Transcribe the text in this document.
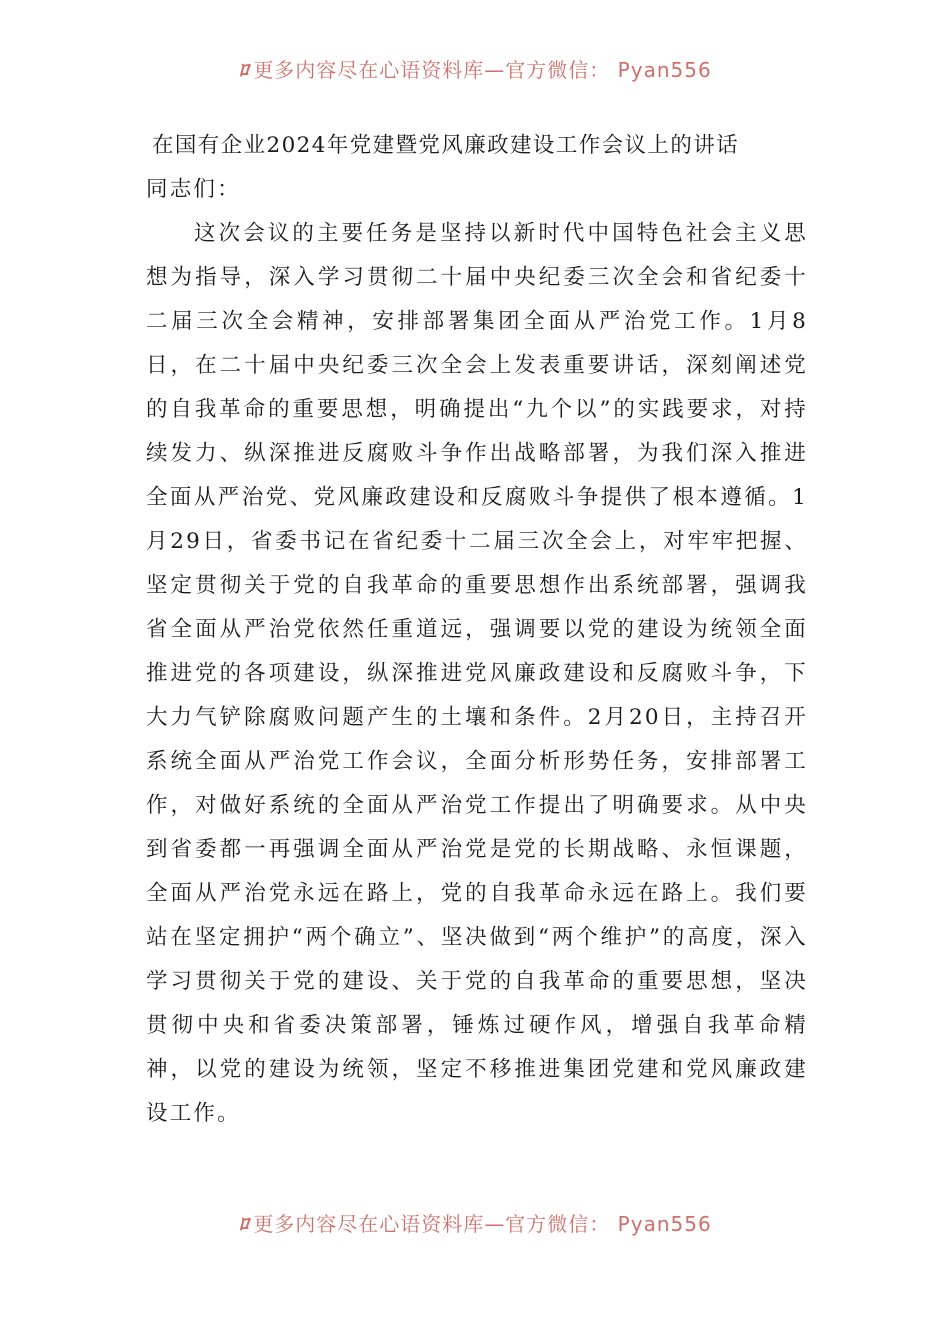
ﾛ 更多内容尽在心语资料库—官方微信： Pyan556
在国有企业2024年党建暨党风廉政建设工作会议上的讲话
同志们：

这次会议的主要任务是坚持以新时代中国特色社会主义思想为指导，深入学习贯彻二十届中央纪委三次全会和省纪委十二届三次全会精神，安排部署集团全面从严治党工作。1月8日，在二十届中央纪委三次全会上发表重要讲话，深刻阐述党的自我革命的重要思想，明确提出“九个以”的实践要求，对持续发力、纵深推进反腐败斗争作出战略部署，为我们深入推进全面从严治党、党风廉政建设和反腐败斗争提供了根本遵循。1月29日，省委书记在省纪委十二届三次全会上，对牢牢把握、坚定贯彻关于党的自我革命的重要思想作出系统部署，强调我省全面从严治党依然任重道远，强调要以党的建设为统领全面推进党的各项建设，纵深推进党风廉政建设和反腐败斗争，下大力气铲除腐败问题产生的土壤和条件。2月20日，主持召开系统全面从严治党工作会议，全面分析形势任务，安排部署工作，对做好系统的全面从严治党工作提出了明确要求。从中央到省委都一再强调全面从严治党是党的长期战略、永恒课题，全面从严治党永远在路上，党的自我革命永远在路上。我们要站在坚定拥护“两个确立”、坚决做到“两个维护”的高度，深入学习贯彻关于党的建设、关于党的自我革命的重要思想，坚决贯彻中央和省委决策部署，锤炼过硬作风，增强自我革命精神，以党的建设为统领，坚定不移推进集团党建和党风廉政建设工作。

ﾛ 更多内容尽在心语资料库—官方微信： Pyan556
